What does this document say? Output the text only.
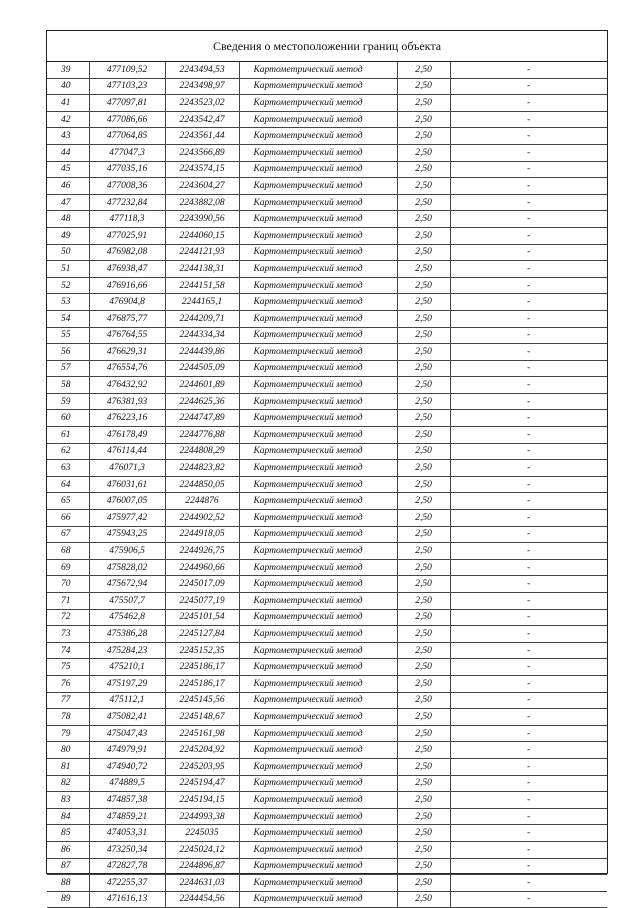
Сведения о местоположении границ объекта
39	477109,52	2243494,53	Картометрический метод	2,50	-
40	477103,23	2243498,97	Картометрический метод	2,50	-
41	477097,81	2243523,02	Картометрический метод	2,50	-
42	477086,66	2243542,47	Картометрический метод	2,50	-
43	477064,85	2243561,44	Картометрический метод	2,50	-
44	477047,3	2243566,89	Картометрический метод	2,50	-
45	477035,16	2243574,15	Картометрический метод	2,50	-
46	477008,36	2243604,27	Картометрический метод	2,50	-
47	477232,84	2243882,08	Картометрический метод	2,50	-
48	477118,3	2243990,56	Картометрический метод	2,50	-
49	477025,91	2244060,15	Картометрический метод	2,50	-
50	476982,08	2244121,93	Картометрический метод	2,50	-
51	476938,47	2244138,31	Картометрический метод	2,50	-
52	476916,66	2244151,58	Картометрический метод	2,50	-
53	476904,8	2244165,1	Картометрический метод	2,50	-
54	476875,77	2244209,71	Картометрический метод	2,50	-
55	476764,55	2244334,34	Картометрический метод	2,50	-
56	476629,31	2244439,86	Картометрический метод	2,50	-
57	476554,76	2244505,09	Картометрический метод	2,50	-
58	476432,92	2244601,89	Картометрический метод	2,50	-
59	476381,93	2244625,36	Картометрический метод	2,50	-
60	476223,16	2244747,89	Картометрический метод	2,50	-
61	476178,49	2244776,88	Картометрический метод	2,50	-
62	476114,44	2244808,29	Картометрический метод	2,50	-
63	476071,3	2244823,82	Картометрический метод	2,50	-
64	476031,61	2244850,05	Картометрический метод	2,50	-
65	476007,05	2244876	Картометрический метод	2,50	-
66	475977,42	2244902,52	Картометрический метод	2,50	-
67	475943,25	2244918,05	Картометрический метод	2,50	-
68	475906,5	2244926,75	Картометрический метод	2,50	-
69	475828,02	2244960,66	Картометрический метод	2,50	-
70	475672,94	2245017,09	Картометрический метод	2,50	-
71	475507,7	2245077,19	Картометрический метод	2,50	-
72	475462,8	2245101,54	Картометрический метод	2,50	-
73	475386,28	2245127,84	Картометрический метод	2,50	-
74	475284,23	2245152,35	Картометрический метод	2,50	-
75	475210,1	2245186,17	Картометрический метод	2,50	-
76	475197,29	2245186,17	Картометрический метод	2,50	-
77	475112,1	2245145,56	Картометрический метод	2,50	-
78	475082,41	2245148,67	Картометрический метод	2,50	-
79	475047,43	2245161,98	Картометрический метод	2,50	-
80	474979,91	2245204,92	Картометрический метод	2,50	-
81	474940,72	2245203,95	Картометрический метод	2,50	-
82	474889,5	2245194,47	Картометрический метод	2,50	-
83	474857,38	2245194,15	Картометрический метод	2,50	-
84	474859,21	2244993,38	Картометрический метод	2,50	-
85	474053,31	2245035	Картометрический метод	2,50	-
86	473250,34	2245024,12	Картометрический метод	2,50	-
87	472827,78	2244896,87	Картометрический метод	2,50	-
88	472255,37	2244631,03	Картометрический метод	2,50	-
89	471616,13	2244454,56	Картометрический метод	2,50	-
